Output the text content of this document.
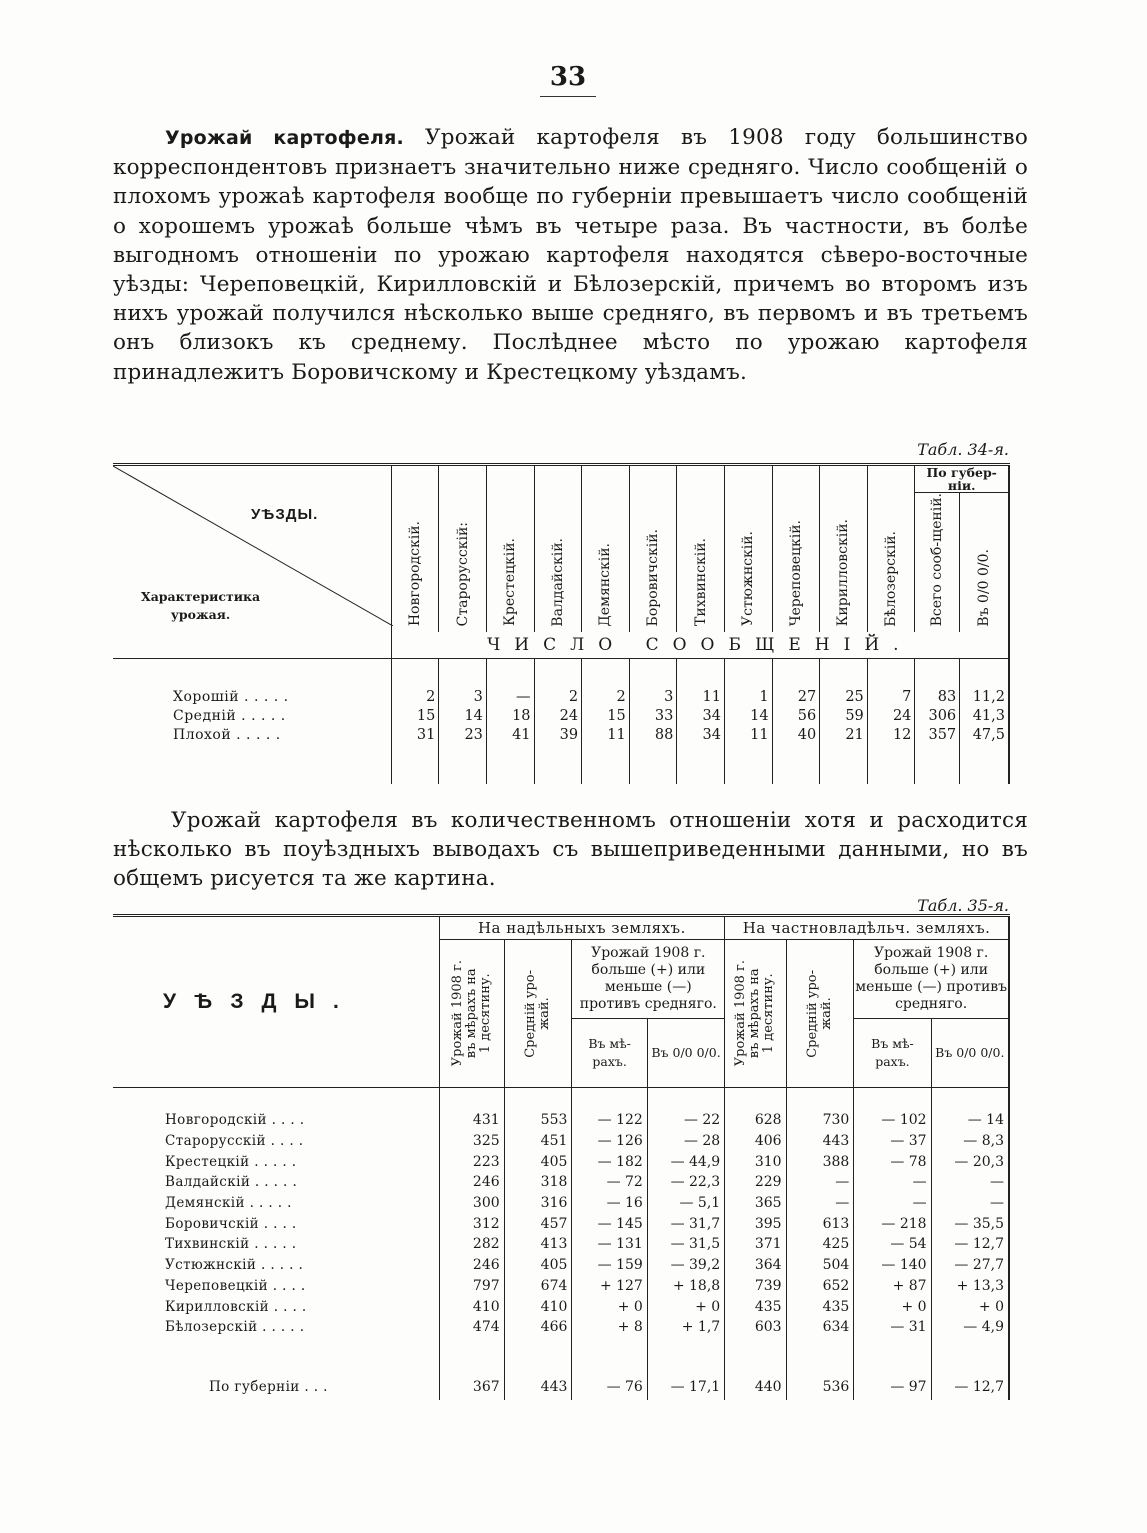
33
Урожай картофеля. Урожай картофеля въ 1908 году большинство корреспондентовъ признаетъ значительно ниже средняго. Число сообщеній о плохомъ урожаѣ картофеля вообще по губерніи превышаетъ число сообщеній о хорошемъ урожаѣ больше чѣмъ въ четыре раза. Въ частности, въ болѣе выгодномъ отношеніи по урожаю картофеля находятся сѣверо-восточные уѣзды: Череповецкій, Кирилловскій и Бѣлозерскій, причемъ во второмъ изъ нихъ урожай получился нѣсколько выше средняго, въ первомъ и въ третьемъ онъ близокъ къ среднему. Послѣднее мѣсто по урожаю картофеля принадлежитъ Боровичскому и Крестецкому уѣздамъ.
Табл. 34-я.
УѢЗДЫ.
Характеристика
урожая.	Новгородскій.	Старорусскій:	Крестецкій.	Валдайскій.	Демянскій.	Боровичскій.	Тихвинскій.	Устюжнскій.	Череповецкій.	Кирилловскій.	Бѣлозерскій.	По губер-ніи.	

												Всего сооб-щеній.	Въ 0/0 0/0.

	ЧИСЛО СООБЩЕНІЙ.												

Хорошій . . . . .	2	3	—	2	2	3	11	1	27	25	7	83	11,2
Средній . . . . .	15	14	18	24	15	33	34	14	56	59	24	306	41,3
Плохой . . . . .	31	23	41	39	11	88	34	11	40	21	12	357	47,5

Урожай картофеля въ количественномъ отношеніи хотя и расходится нѣсколько въ поуѣздныхъ выводахъ съ вышеприведенными данными, но въ общемъ рисуется та же картина.
Табл. 35-я.
УѢЗДЫ.	На надѣльныхъ земляхъ.				На частновладѣльч. земляхъ.			

	Урожай 1908 г.
въ мѣрахъ на
1 десятину.	Средній уро-
жай.	Урожай 1908 г. больше (+) или меньше (—) противъ средняго.		Урожай 1908 г.
въ мѣрахъ на
1 десятину.	Средній уро-
жай.	Урожай 1908 г. больше (+) или меньше (—) противъ средняго.	
			Въ мѣ-рахъ.	Въ 0/0 0/0.			Въ мѣ-рахъ.	Въ 0/0 0/0.

Новгородскій . . . .	431	553	— 122	— 22	628	730	— 102	— 14
Старорусскій . . . .	325	451	— 126	— 28	406	443	— 37	— 8,3
Крестецкій . . . . .	223	405	— 182	— 44,9	310	388	— 78	— 20,3
Валдайскій . . . . .	246	318	— 72	— 22,3	229	—	—	—
Демянскій . . . . .	300	316	— 16	— 5,1	365	—	—	—
Боровичскій . . . .	312	457	— 145	— 31,7	395	613	— 218	— 35,5
Тихвинскій . . . . .	282	413	— 131	— 31,5	371	425	— 54	— 12,7
Устюжнскій . . . . .	246	405	— 159	— 39,2	364	504	— 140	— 27,7
Череповецкій . . . .	797	674	+ 127	+ 18,8	739	652	+ 87	+ 13,3
Кирилловскій . . . .	410	410	+ 0	+ 0	435	435	+ 0	+ 0
Бѣлозерскій . . . . .	474	466	+ 8	+ 1,7	603	634	— 31	— 4,9

По губерніи . . .	367	443	— 76	— 17,1	440	536	— 97	— 12,7
